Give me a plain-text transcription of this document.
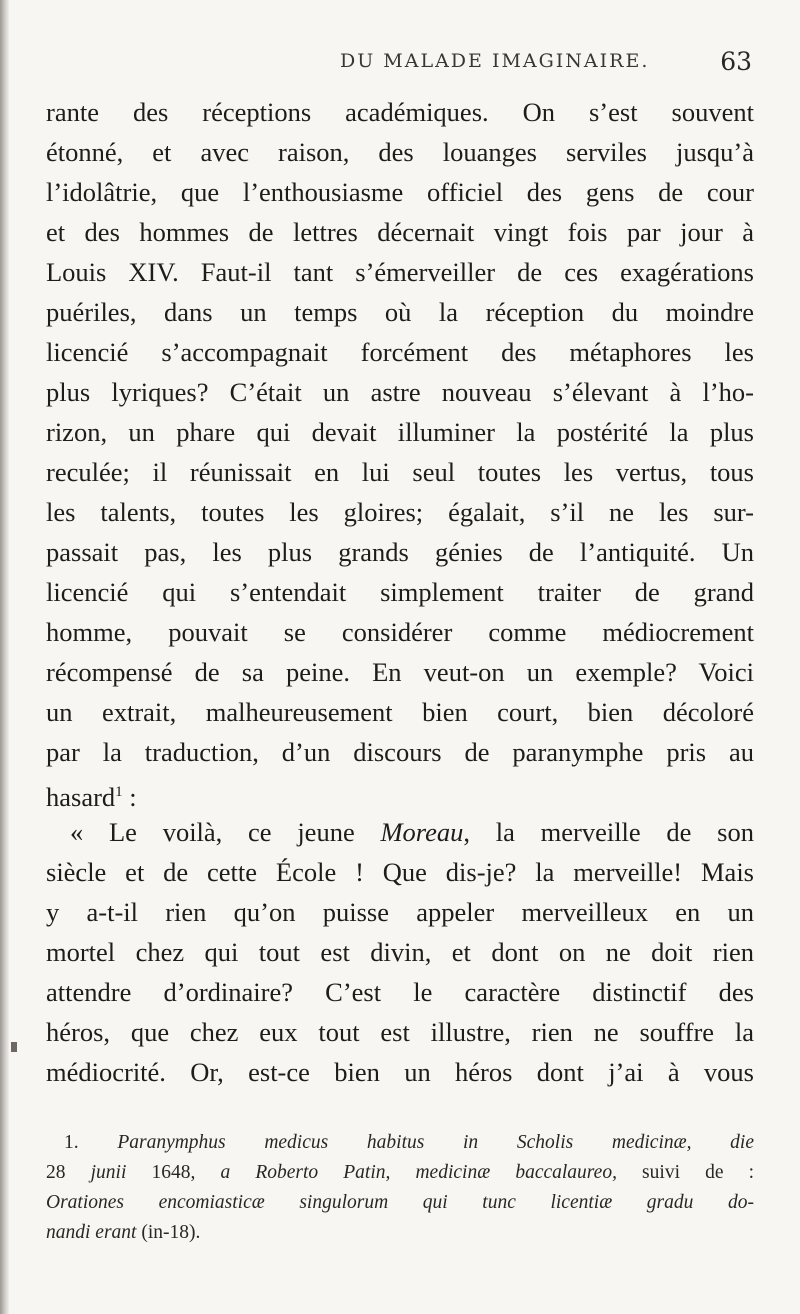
DU MALADE IMAGINAIRE.	63
rante des réceptions académiques. On s’est souvent
étonné, et avec raison, des louanges serviles jusqu’à
l’idolâtrie, que l’enthousiasme officiel des gens de cour
et des hommes de lettres décernait vingt fois par jour à
Louis XIV. Faut-il tant s’émerveiller de ces exagérations
puériles, dans un temps où la réception du moindre
licencié s’accompagnait forcément des métaphores les
plus lyriques? C’était un astre nouveau s’élevant à l’ho-
rizon, un phare qui devait illuminer la postérité la plus
reculée; il réunissait en lui seul toutes les vertus, tous
les talents, toutes les gloires; égalait, s’il ne les sur-
passait pas, les plus grands génies de l’antiquité. Un
licencié qui s’entendait simplement traiter de grand
homme, pouvait se considérer comme médiocrement
récompensé de sa peine. En veut-on un exemple? Voici
un extrait, malheureusement bien court, bien décoloré
par la traduction, d’un discours de paranymphe pris au
hasard$^1$ :
« Le voilà, ce jeune Moreau, la merveille de son
siècle et de cette École ! Que dis-je? la merveille! Mais
y a-t-il rien qu’on puisse appeler merveilleux en un
mortel chez qui tout est divin, et dont on ne doit rien
attendre d’ordinaire? C’est le caractère distinctif des
héros, que chez eux tout est illustre, rien ne souffre la
médiocrité. Or, est-ce bien un héros dont j’ai à vous
1. Paranymphus medicus habitus in Scholis medicinæ, die
28 junii 1648, a Roberto Patin, medicinæ baccalaureo, suivi de :
Orationes encomiasticæ singulorum qui tunc licentiæ gradu do-
nandi erant (in-18).
